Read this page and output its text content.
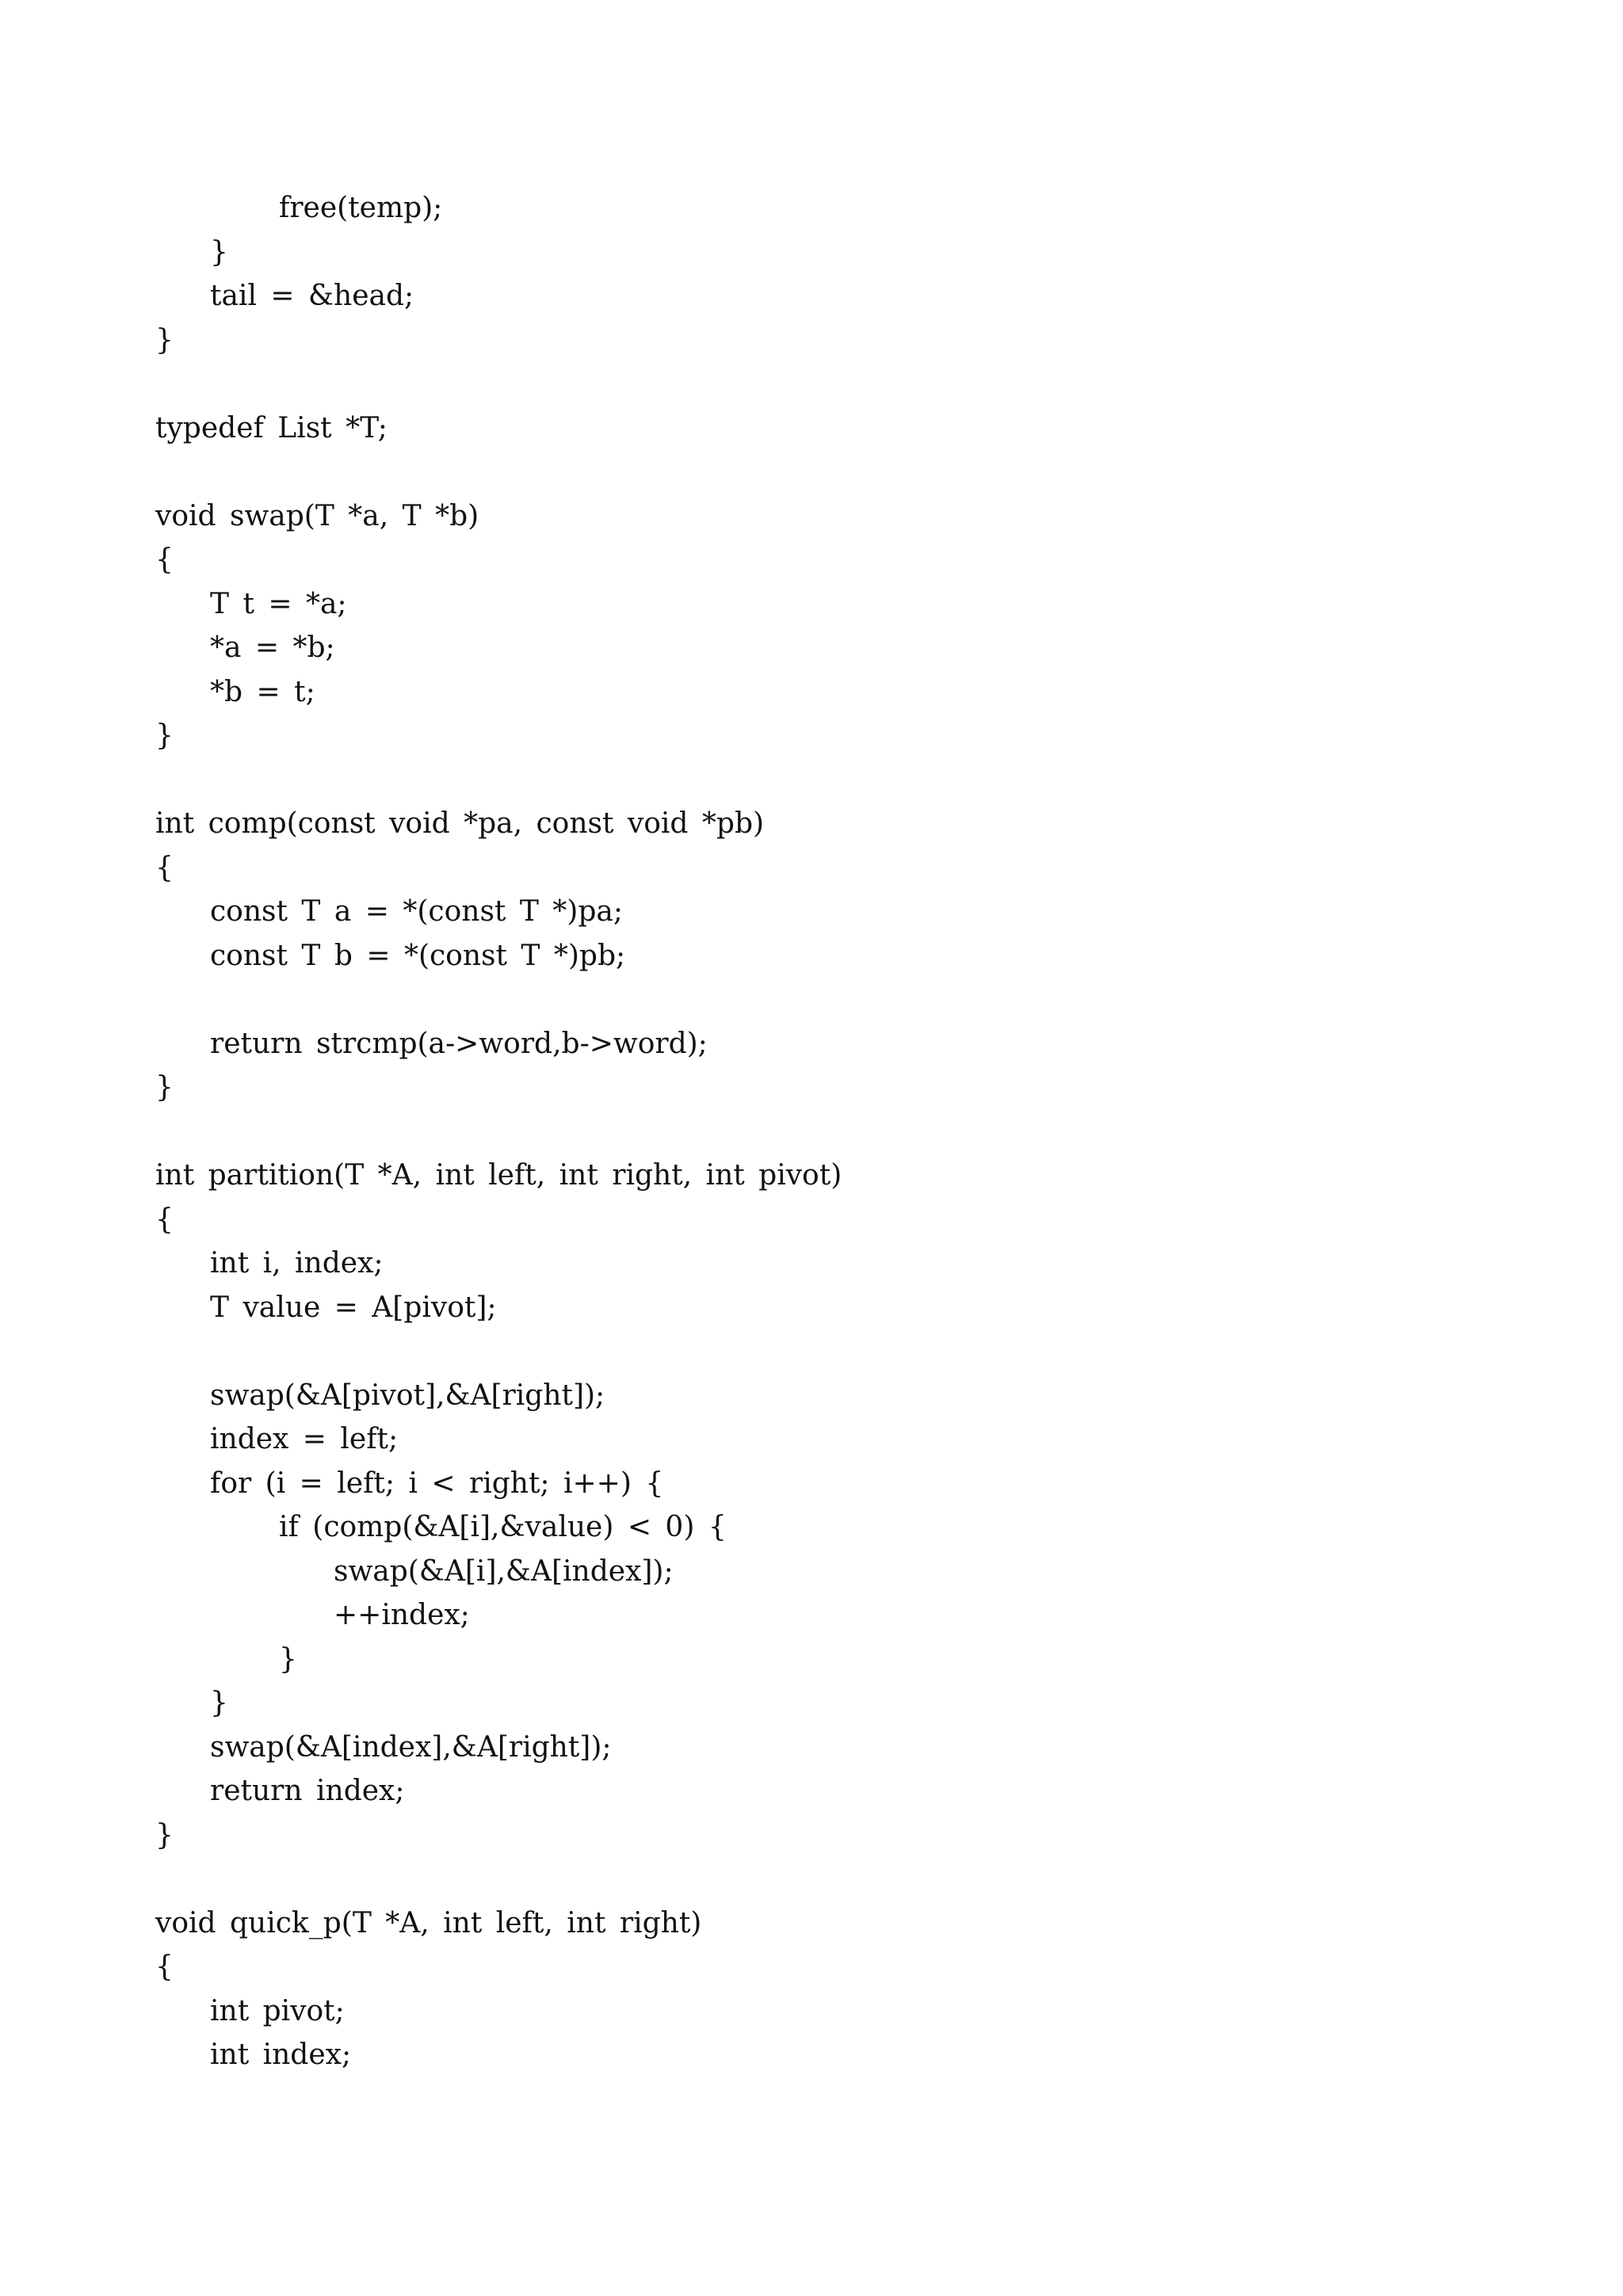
free(temp);
}
tail = &head;
}
typedef List *T;
void swap(T *a, T *b)
{
T t = *a;
*a = *b;
*b = t;
}
int comp(const void *pa, const void *pb)
{
const T a = *(const T *)pa;
const T b = *(const T *)pb;
return strcmp(a->word,b->word);
}
int partition(T *A, int left, int right, int pivot)
{
int i, index;
T value = A[pivot];
swap(&A[pivot],&A[right]);
index = left;
for (i = left; i < right; i++) {
if (comp(&A[i],&value) < 0) {
swap(&A[i],&A[index]);
++index;
}
}
swap(&A[index],&A[right]);
return index;
}
void quick_p(T *A, int left, int right)
{
int pivot;
int index;
